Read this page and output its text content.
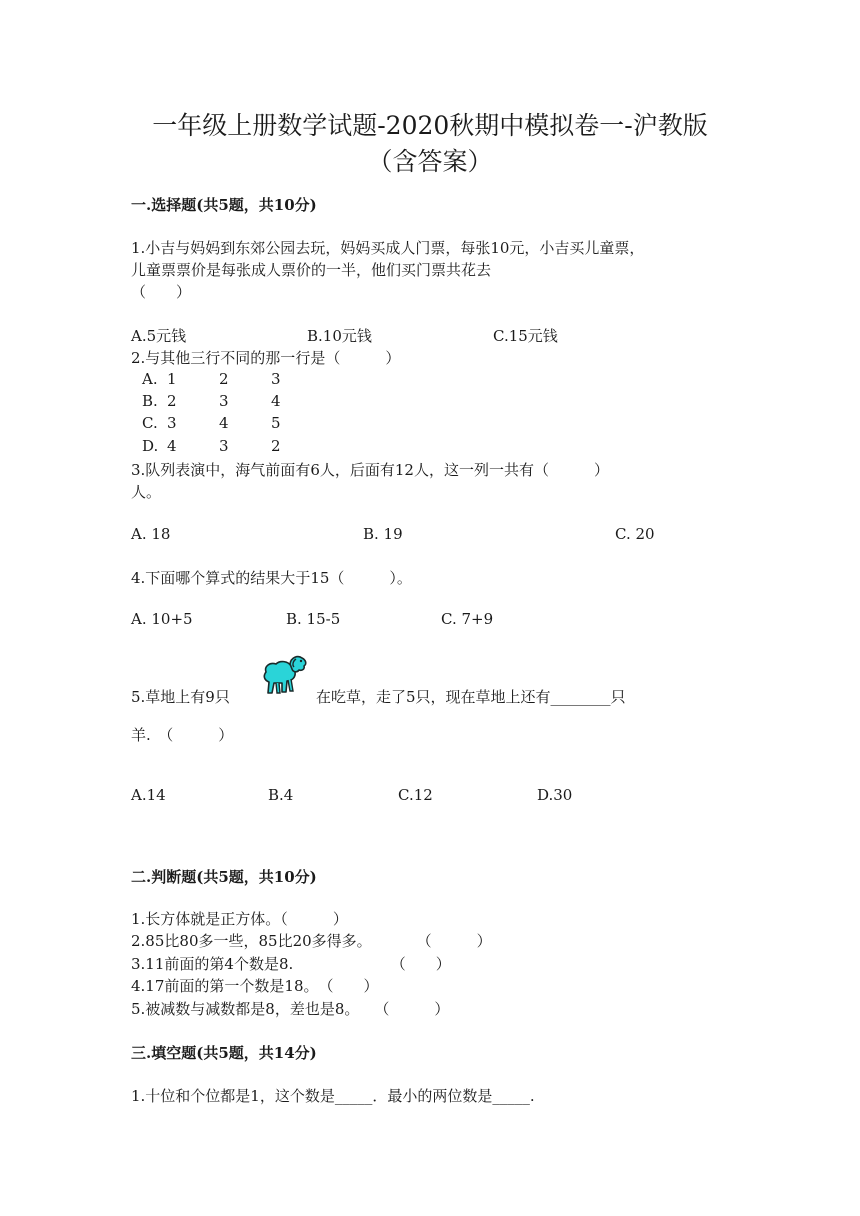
一年级上册数学试题-2020秋期中模拟卷一-沪教版
（含答案）
一.选择题(共5题，共10分)
1.小吉与妈妈到东郊公园去玩，妈妈买成人门票，每张10元，小吉买儿童票，
儿童票票价是每张成人票价的一半，他们买门票共花去
（　　）
A.5元钱	B.10元钱	C.15元钱
2.与其他三行不同的那一行是（　　　）
A. 1	2	3
B. 2	3	4
C. 3	4	5
D. 4	3	2
3.队列表演中，海气前面有6人，后面有12人，这一列一共有（　　　）
人。
A. 18	B. 19	C. 20
4.下面哪个算式的结果大于15（　　　）。
A. 10+5	B. 15-5	C. 7+9
5.草地上有9只	在吃草，走了5只，现在草地上还有________只
羊.　（　　　）
A.14	B.4	C.12	D.30
二.判断题(共5题，共10分)
1.长方体就是正方体。（　　　）
2.85比80多一些，85比20多得多。　　　　（　　　）
3.11前面的第4个数是8.　　　　　　　（　　）
4.17前面的第一个数是18。　（　　）
5.被减数与减数都是8，差也是8。　　（　　　）
三.填空题(共5题，共14分)
1.十位和个位都是1，这个数是_____．最小的两位数是_____.
